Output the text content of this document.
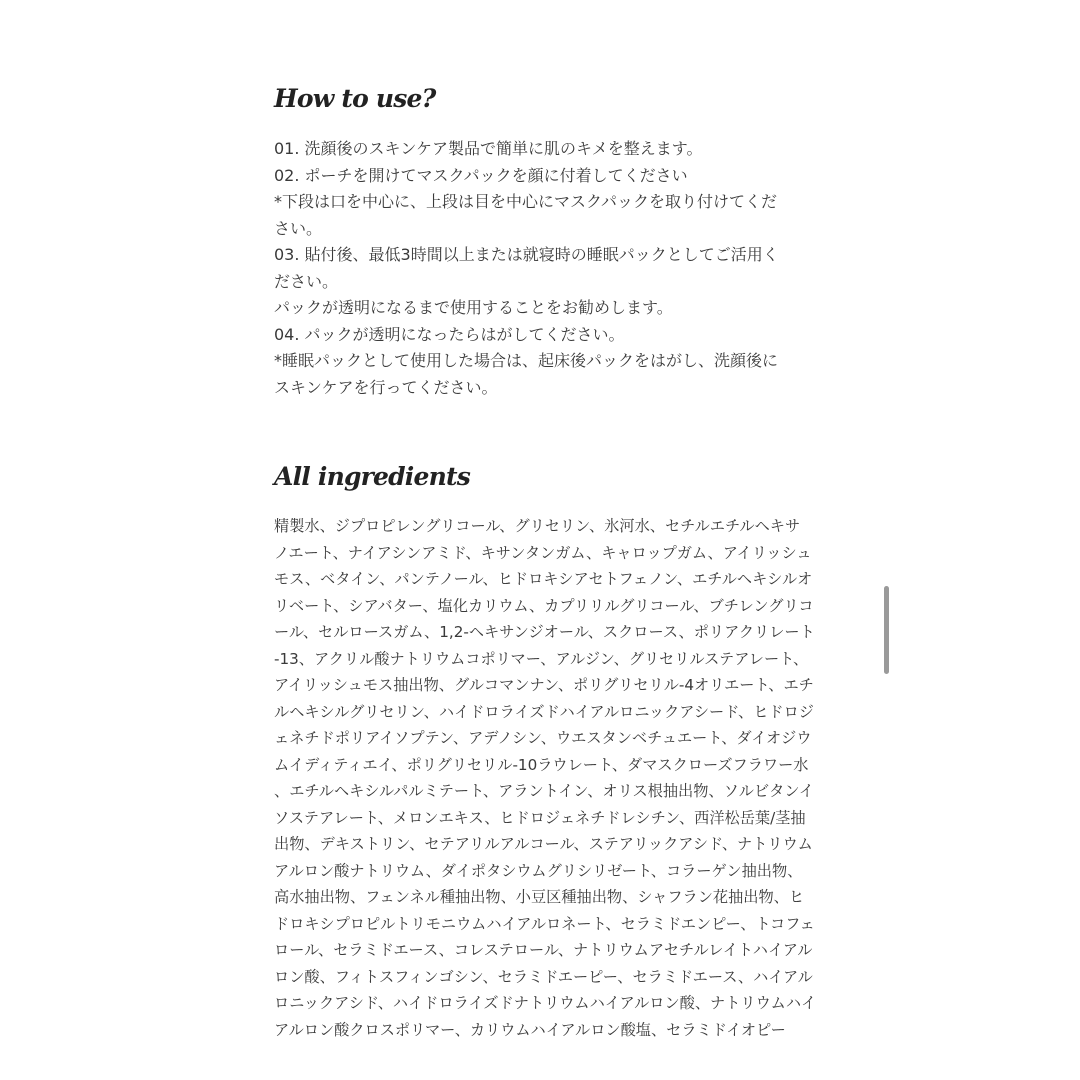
How to use?
01. 洗顔後のスキンケア製品で簡単に肌のキメを整えます。
02. ポーチを開けてマスクパックを顔に付着してください
*下段は口を中心に、上段は目を中心にマスクパックを取り付けてくだ
さい。
03. 貼付後、最低3時間以上または就寝時の睡眠パックとしてご活用く
ださい。
パックが透明になるまで使用することをお勧めします。
04. パックが透明になったらはがしてください。
*睡眠パックとして使用した場合は、起床後パックをはがし、洗顔後に
スキンケアを行ってください。
All ingredients
精製水、ジプロピレングリコール、グリセリン、氷河水、セチルエチルヘキサ
ノエート、ナイアシンアミド、キサンタンガム、キャロップガム、アイリッシュ
モス、ベタイン、パンテノール、ヒドロキシアセトフェノン、エチルヘキシルオ
リベート、シアバター、塩化カリウム、カプリリルグリコール、ブチレングリコ
ール、セルロースガム、1,2-ヘキサンジオール、スクロース、ポリアクリレート
-13、アクリル酸ナトリウムコポリマー、アルジン、グリセリルステアレート、
アイリッシュモス抽出物、グルコマンナン、ポリグリセリル-4オリエート、エチ
ルヘキシルグリセリン、ハイドロライズドハイアルロニックアシード、ヒドロジ
ェネチドポリアイソプテン、アデノシン、ウエスタンベチュエート、ダイオジウ
ムイディティエイ、ポリグリセリル-10ラウレート、ダマスクローズフラワー水
、エチルヘキシルパルミテート、アラントイン、オリス根抽出物、ソルビタンイ
ソステアレート、メロンエキス、ヒドロジェネチドレシチン、西洋松岳葉/茎抽
出物、デキストリン、セテアリルアルコール、ステアリックアシド、ナトリウム
アルロン酸ナトリウム、ダイポタシウムグリシリゼート、コラーゲン抽出物、
高水抽出物、フェンネル種抽出物、小豆区種抽出物、シャフラン花抽出物、ヒ
ドロキシプロピルトリモニウムハイアルロネート、セラミドエンピー、トコフェ
ロール、セラミドエース、コレステロール、ナトリウムアセチルレイトハイアル
ロン酸、フィトスフィンゴシン、セラミドエーピー、セラミドエース、ハイアル
ロニックアシド、ハイドロライズドナトリウムハイアルロン酸、ナトリウムハイ
アルロン酸クロスポリマー、カリウムハイアルロン酸塩、セラミドイオピー
